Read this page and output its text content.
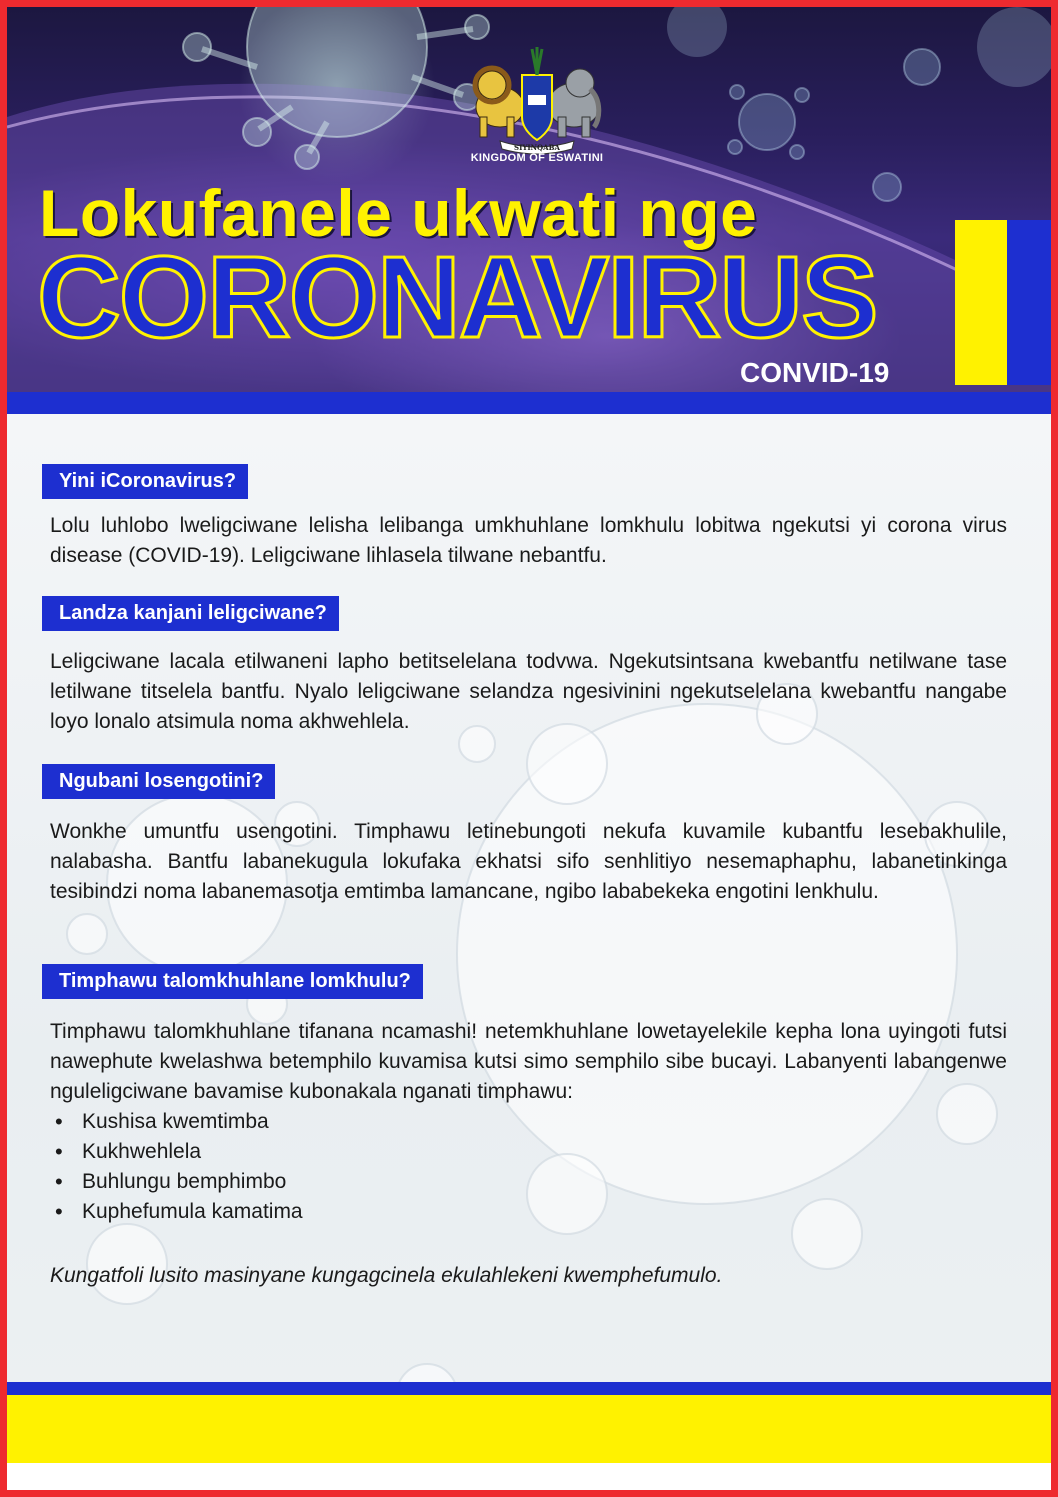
SIYINQABA
KINGDOM OF ESWATINI
Lokufanele ukwati nge
CORONAVIRUS
CONVID-19
Yini iCoronavirus?

Lolu luhlobo lweligciwane lelisha lelibanga umkhuhlane lomkhulu lobitwa ngekutsi yi corona virus disease (COVID-19). Leligciwane lihlasela tilwane nebantfu.

Landza kanjani leligciwane?

Leligciwane lacala etilwaneni lapho betitselelana todvwa. Ngekutsintsana kwebantfu netilwane tase letilwane titselela bantfu. Nyalo leligciwane selandza ngesivinini ngekutselelana kwebantfu nangabe loyo lonalo atsimula noma akhwehlela.

Ngubani losengotini?

Wonkhe umuntfu usengotini. Timphawu letinebungoti nekufa kuvamile kubantfu lesebakhulile, nalabasha. Bantfu labanekugula lokufaka ekhatsi sifo senhlitiyo nesemaphaphu, labanetinkinga tesibindzi noma labanemasotja emtimba lamancane, ngibo lababekeka engotini lenkhulu.

Timphawu talomkhuhlane lomkhulu?

Timphawu talomkhuhlane tifanana ncamashi! netemkhuhlane lowetayelekile kepha lona uyingoti futsi nawephute kwelashwa betemphilo kuvamisa kutsi simo semphilo sibe bucayi. Labanyenti labangenwe nguleligciwane bavamise kubonakala nganati timphawu:

• Kushisa kwemtimba
• Kukhwehlela
• Buhlungu bemphimbo
• Kuphefumula kamatima

Kungatfoli lusito masinyane kungagcinela ekulahlekeni kwemphefumulo.
